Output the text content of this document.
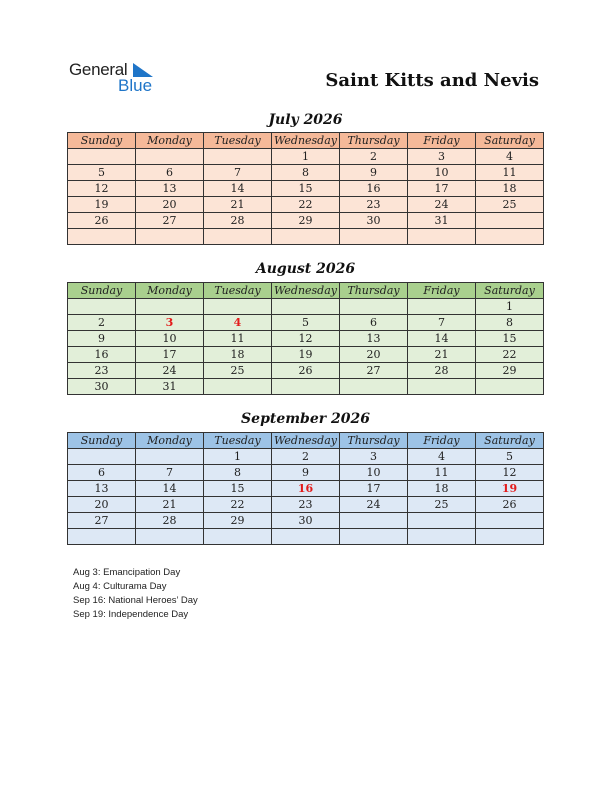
General
Blue	Saint Kitts and Nevis
July 2026
Sunday	Monday	Tuesday	Wednesday	Thursday	Friday	Saturday
			1	2	3	4
5	6	7	8	9	10	11
12	13	14	15	16	17	18
19	20	21	22	23	24	25
26	27	28	29	30	31	

August 2026
Sunday	Monday	Tuesday	Wednesday	Thursday	Friday	Saturday
						1
2	3	4	5	6	7	8
9	10	11	12	13	14	15
16	17	18	19	20	21	22
23	24	25	26	27	28	29
30	31					
September 2026
Sunday	Monday	Tuesday	Wednesday	Thursday	Friday	Saturday
		1	2	3	4	5
6	7	8	9	10	11	12
13	14	15	16	17	18	19
20	21	22	23	24	25	26
27	28	29	30			

Aug 3: Emancipation Day
Aug 4: Culturama Day
Sep 16: National Heroes’ Day
Sep 19: Independence Day
